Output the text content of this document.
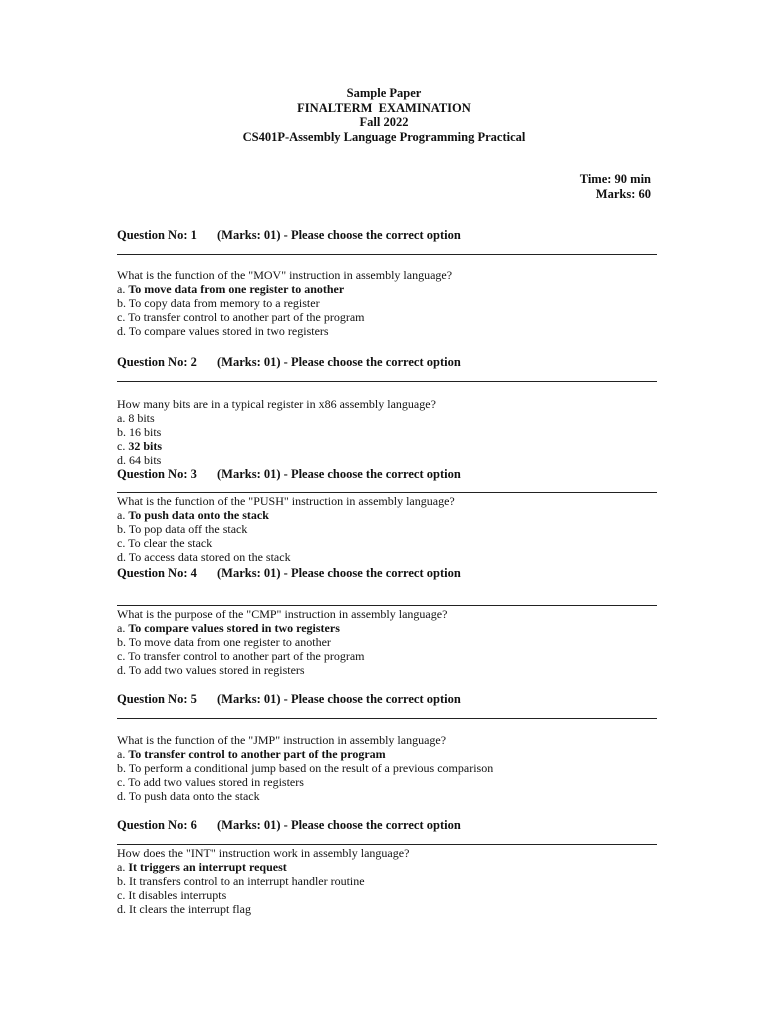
Sample Paper
FINALTERM  EXAMINATION
Fall 2022
CS401P-Assembly Language Programming Practical
Time: 90 min
Marks: 60
Question No: 1 (Marks: 01) - Please choose the correct option
What is the function of the "MOV" instruction in assembly language?
a. To move data from one register to another
b. To copy data from memory to a register
c. To transfer control to another part of the program
d. To compare values stored in two registers
Question No: 2 (Marks: 01) - Please choose the correct option
How many bits are in a typical register in x86 assembly language?
a. 8 bits
b. 16 bits
c. 32 bits
d. 64 bits
Question No: 3 (Marks: 01) - Please choose the correct option
What is the function of the "PUSH" instruction in assembly language?
a. To push data onto the stack
b. To pop data off the stack
c. To clear the stack
d. To access data stored on the stack
Question No: 4 (Marks: 01) - Please choose the correct option
What is the purpose of the "CMP" instruction in assembly language?
a. To compare values stored in two registers
b. To move data from one register to another
c. To transfer control to another part of the program
d. To add two values stored in registers
Question No: 5 (Marks: 01) - Please choose the correct option
What is the function of the "JMP" instruction in assembly language?
a. To transfer control to another part of the program
b. To perform a conditional jump based on the result of a previous comparison
c. To add two values stored in registers
d. To push data onto the stack
Question No: 6 (Marks: 01) - Please choose the correct option
How does the "INT" instruction work in assembly language?
a. It triggers an interrupt request
b. It transfers control to an interrupt handler routine
c. It disables interrupts
d. It clears the interrupt flag
